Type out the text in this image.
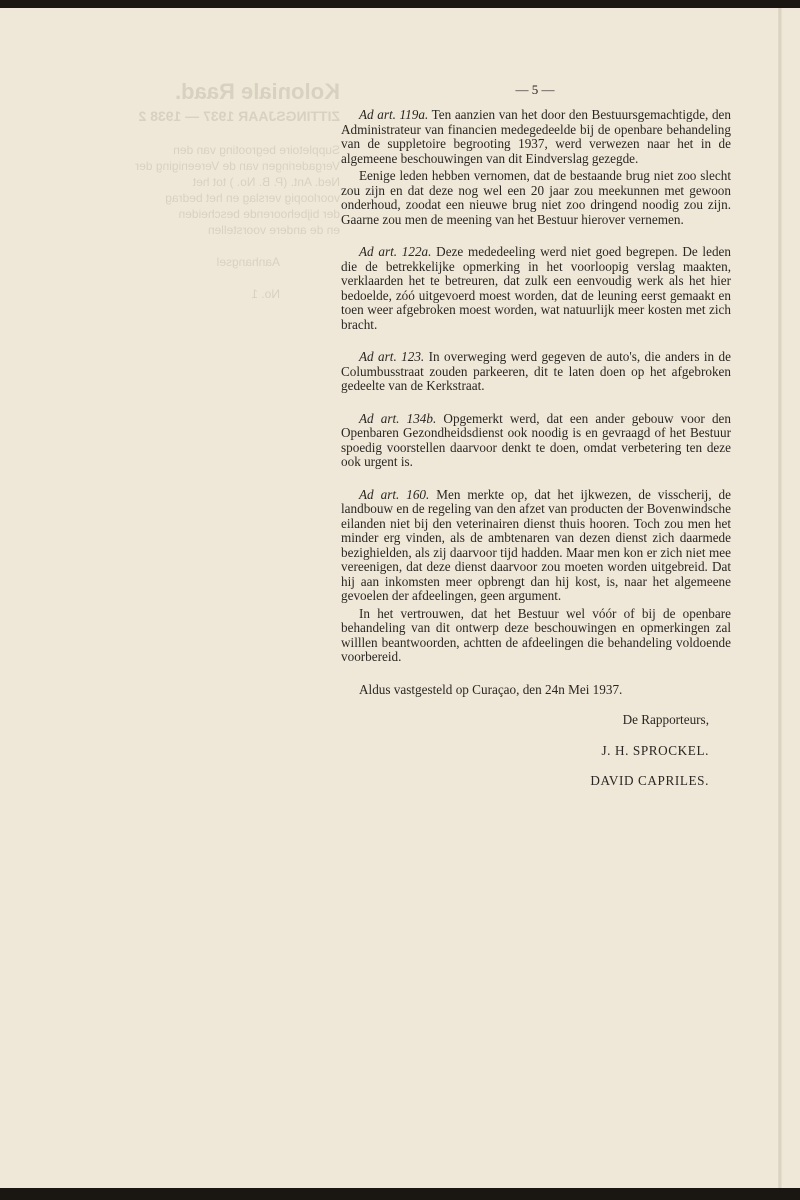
Koloniale Raad.
ZITTINGSJAAR 1937 — 1938 2

Suppletoire begrooting van den
Vergaderingen van de Vereeniging der
Ned. Ant. (P. B. No. ) tot het
voorloopig verslag en het bedrag
der bijbehoorende bescheiden
en de andere voorstellen

Aanhangsel

No. 1
— 5 —

Ad art. 119a. Ten aanzien van het door den Bestuursgemachtigde, den Administrateur van financien medegedeelde bij de openbare behandeling van de suppletoire begrooting 1937, werd verwezen naar het in de algemeene beschouwingen van dit Eindverslag gezegde.

Eenige leden hebben vernomen, dat de bestaande brug niet zoo slecht zou zijn en dat deze nog wel een 20 jaar zou meekunnen met gewoon onderhoud, zoodat een nieuwe brug niet zoo dringend noodig zou zijn. Gaarne zou men de meening van het Bestuur hierover vernemen.

Ad art. 122a. Deze mededeeling werd niet goed begrepen. De leden die de betrekkelijke opmerking in het voorloopig verslag maakten, verklaarden het te betreuren, dat zulk een eenvoudig werk als het hier bedoelde, zóó uitgevoerd moest worden, dat de leuning eerst gemaakt en toen weer afgebroken moest worden, wat natuurlijk meer kosten met zich bracht.

Ad art. 123. In overweging werd gegeven de auto's, die anders in de Columbusstraat zouden parkeeren, dit te laten doen op het afgebroken gedeelte van de Kerkstraat.

Ad art. 134b. Opgemerkt werd, dat een ander gebouw voor den Openbaren Gezondheidsdienst ook noodig is en gevraagd of het Bestuur spoedig voorstellen daarvoor denkt te doen, omdat verbetering ten deze ook urgent is.

Ad art. 160. Men merkte op, dat het ijkwezen, de visscherij, de landbouw en de regeling van den afzet van producten der Bovenwindsche eilanden niet bij den veterinairen dienst thuis hooren. Toch zou men het minder erg vinden, als de ambtenaren van dezen dienst zich daarmede bezighielden, als zij daarvoor tijd hadden. Maar men kon er zich niet mee vereenigen, dat deze dienst daarvoor zou moeten worden uitgebreid. Dat hij aan inkomsten meer opbrengt dan hij kost, is, naar het algemeene gevoelen der afdeelingen, geen argument.

In het vertrouwen, dat het Bestuur wel vóór of bij de openbare behandeling van dit ontwerp deze beschouwingen en opmerkingen zal willlen beantwoorden, achtten de afdeelingen die behandeling voldoende voorbereid.

Aldus vastgesteld op Curaçao, den 24n Mei 1937.
De Rapporteurs,
J. H. SPROCKEL.
DAVID CAPRILES.
